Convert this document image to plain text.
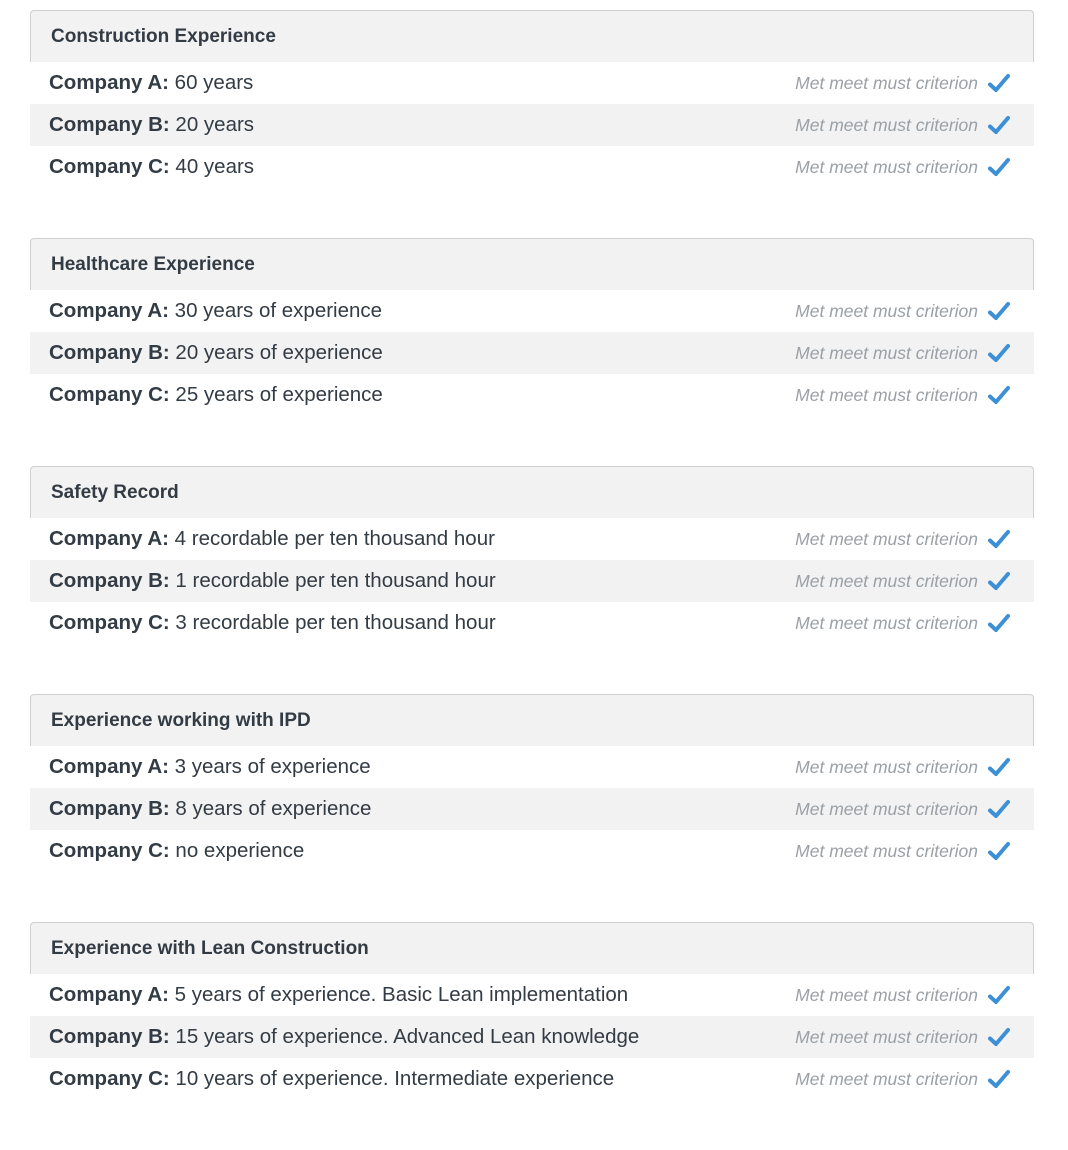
Construction Experience
Company A: 60 years	Met meet must criterion
Company B: 20 years	Met meet must criterion
Company C: 40 years	Met meet must criterion
Healthcare Experience
Company A: 30 years of experience	Met meet must criterion
Company B: 20 years of experience	Met meet must criterion
Company C: 25 years of experience	Met meet must criterion
Safety Record
Company A: 4 recordable per ten thousand hour	Met meet must criterion
Company B: 1 recordable per ten thousand hour	Met meet must criterion
Company C: 3 recordable per ten thousand hour	Met meet must criterion
Experience working with IPD
Company A: 3 years of experience	Met meet must criterion
Company B: 8 years of experience	Met meet must criterion
Company C: no experience	Met meet must criterion
Experience with Lean Construction
Company A: 5 years of experience. Basic Lean implementation	Met meet must criterion
Company B: 15 years of experience. Advanced Lean knowledge	Met meet must criterion
Company C: 10 years of experience. Intermediate experience	Met meet must criterion
